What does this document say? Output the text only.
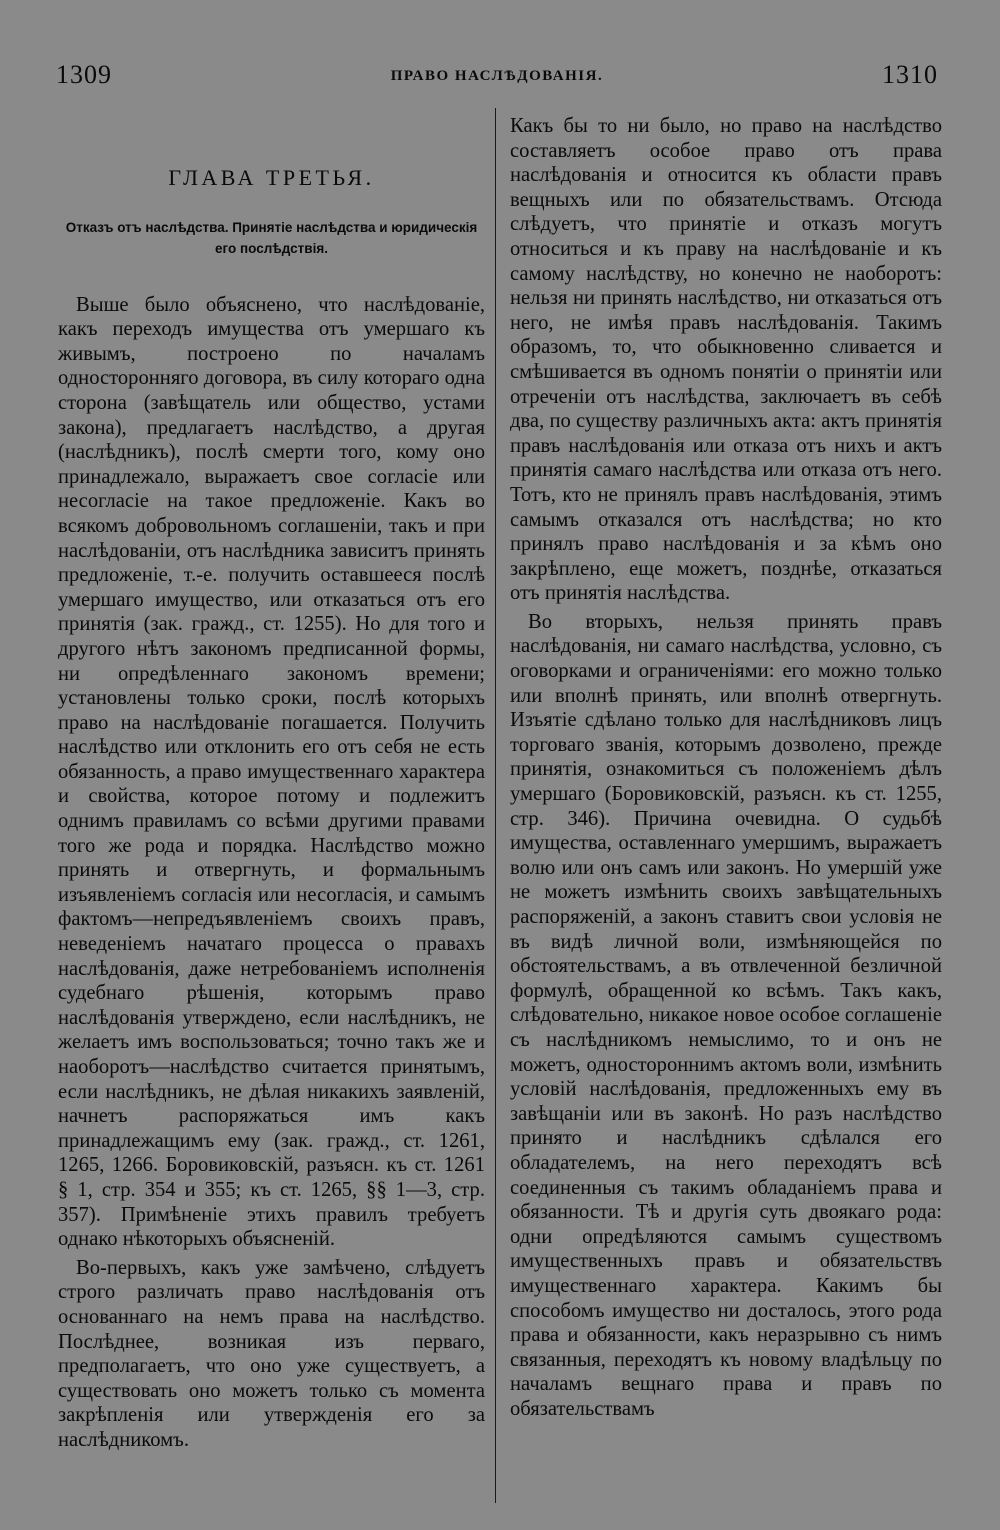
1309	ПРАВО НАСЛѢДОВАНІЯ.	1310
ГЛАВА ТРЕТЬЯ.
Отказъ отъ наслѣдства. Принятіе наслѣдства и юридическія его послѣдствія.

Выше было объяснено, что наслѣдованіе, какъ переходъ имущества отъ умершаго къ живымъ, построено по началамъ односторонняго договора, въ силу котораго одна сторона (завѣщатель или общество, устами закона), предлагаетъ наслѣдство, а другая (наслѣдникъ), послѣ смерти того, кому оно принадлежало, выражаетъ свое согласіе или несогласіе на такое предложеніе. Какъ во всякомъ добровольномъ соглашеніи, такъ и при наслѣдованіи, отъ наслѣдника зависитъ принять предложеніе, т.-е. получить оставшееся послѣ умершаго имущество, или отказаться отъ его принятія (зак. гражд., ст. 1255). Но для того и другого нѣтъ закономъ предписанной формы, ни опредѣленнаго закономъ времени; установлены только сроки, послѣ которыхъ право на наслѣдованіе погашается. Получить наслѣдство или отклонить его отъ себя не есть обязанность, а право имущественнаго характера и свойства, которое потому и подлежитъ однимъ правиламъ со всѣми другими правами того же рода и порядка. Наслѣдство можно принять и отвергнуть, и формальнымъ изъявленіемъ согласія или несогласія, и самымъ фактомъ—непредъявленіемъ своихъ правъ, неведеніемъ начатаго процесса о правахъ наслѣдованія, даже нетребованіемъ исполненія судебнаго рѣшенія, которымъ право наслѣдованія утверждено, если наслѣдникъ, не желаетъ имъ воспользоваться; точно такъ же и наоборотъ—наслѣдство считается принятымъ, если наслѣдникъ, не дѣлая никакихъ заявленій, начнетъ распоряжаться имъ какъ принадлежащимъ ему (зак. гражд., ст. 1261, 1265, 1266. Боровиковскій, разъясн. къ ст. 1261 § 1, стр. 354 и 355; къ ст. 1265, §§ 1—3, стр. 357). Примѣненіе этихъ правилъ требуетъ однако нѣкоторыхъ объясненій.

Во-первыхъ, какъ уже замѣчено, слѣдуетъ строго различать право наслѣдованія отъ основаннаго на немъ права на наслѣдство. Послѣднее, возникая изъ перваго, предполагаетъ, что оно уже существуетъ, а существовать оно можетъ только съ момента закрѣпленія или утвержденія его за наслѣдникомъ.

Какъ бы то ни было, но право на наслѣдство составляетъ особое право отъ права наслѣдованія и относится къ области правъ вещныхъ или по обязательствамъ. Отсюда слѣдуетъ, что принятіе и отказъ могутъ относиться и къ праву на наслѣдованіе и къ самому наслѣдству, но конечно не наоборотъ: нельзя ни принять наслѣдство, ни отказаться отъ него, не имѣя правъ наслѣдованія. Такимъ образомъ, то, что обыкновенно сливается и смѣшивается въ одномъ понятіи о принятіи или отреченіи отъ наслѣдства, заключаетъ въ себѣ два, по существу различныхъ акта: актъ принятія правъ наслѣдованія или отказа отъ нихъ и актъ принятія самаго наслѣдства или отказа отъ него. Тотъ, кто не принялъ правъ наслѣдованія, этимъ самымъ отказался отъ наслѣдства; но кто принялъ право наслѣдованія и за кѣмъ оно закрѣплено, еще можетъ, позднѣе, отказаться отъ принятія наслѣдства.

Во вторыхъ, нельзя принять правъ наслѣдованія, ни самаго наслѣдства, условно, съ оговорками и ограниченіями: его можно только или вполнѣ принять, или вполнѣ отвергнуть. Изъятіе сдѣлано только для наслѣдниковъ лицъ торговаго званія, которымъ дозволено, прежде принятія, ознакомиться съ положеніемъ дѣлъ умершаго (Боровиковскій, разъясн. къ ст. 1255, стр. 346). Причина очевидна. О судьбѣ имущества, оставленнаго умершимъ, выражаетъ волю или онъ самъ или законъ. Но умершій уже не можетъ измѣнить своихъ завѣщательныхъ распоряженій, а законъ ставитъ свои условія не въ видѣ личной воли, измѣняющейся по обстоятельствамъ, а въ отвлеченной безличной формулѣ, обращенной ко всѣмъ. Такъ какъ, слѣдовательно, никакое новое особое соглашеніе съ наслѣдникомъ немыслимо, то и онъ не можетъ, одностороннимъ актомъ воли, измѣнить условій наслѣдованія, предложенныхъ ему въ завѣщаніи или въ законѣ. Но разъ наслѣдство принято и наслѣдникъ сдѣлался его обладателемъ, на него переходятъ всѣ соединенныя съ такимъ обладаніемъ права и обязанности. Тѣ и другія суть двоякаго рода: одни опредѣляются самымъ существомъ имущественныхъ правъ и обязательствъ имущественнаго характера. Какимъ бы способомъ имущество ни досталось, этого рода права и обязанности, какъ неразрывно съ нимъ связанныя, переходятъ къ новому владѣльцу по началамъ вещнаго права и правъ по обязательствамъ
